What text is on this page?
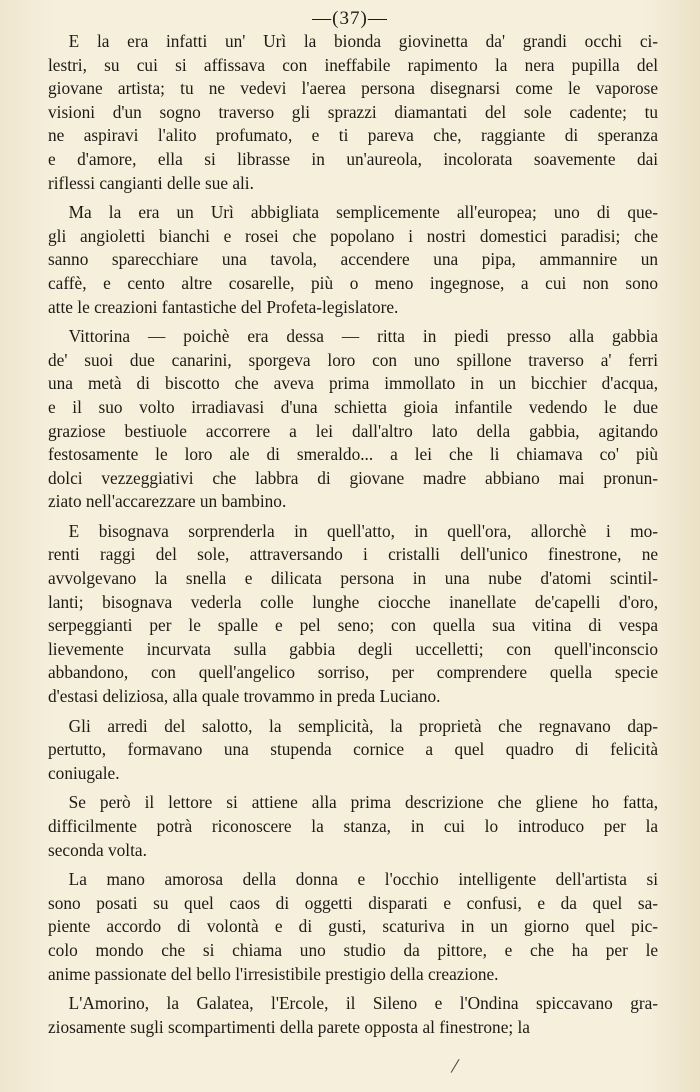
—(37)—
E la era infatti un' Urì la bionda giovinetta da' grandi occhi ci-
lestri, su cui si affissava con ineffabile rapimento la nera pupilla del
giovane artista; tu ne vedevi l'aerea persona disegnarsi come le vaporose
visioni d'un sogno traverso gli sprazzi diamantati del sole cadente; tu
ne aspiravi l'alito profumato, e ti pareva che, raggiante di speranza
e d'amore, ella si librasse in un'aureola, incolorata soavemente dai
riflessi cangianti delle sue ali.
Ma la era un Urì abbigliata semplicemente all'europea; uno di que-
gli angioletti bianchi e rosei che popolano i nostri domestici paradisi; che
sanno sparecchiare una tavola, accendere una pipa, ammannire un
caffè, e cento altre cosarelle, più o meno ingegnose, a cui non sono
atte le creazioni fantastiche del Profeta-legislatore.
Vittorina — poichè era dessa — ritta in piedi presso alla gabbia
de' suoi due canarini, sporgeva loro con uno spillone traverso a' ferri
una metà di biscotto che aveva prima immollato in un bicchier d'acqua,
e il suo volto irradiavasi d'una schietta gioia infantile vedendo le due
graziose bestiuole accorrere a lei dall'altro lato della gabbia, agitando
festosamente le loro ale di smeraldo... a lei che li chiamava co' più
dolci vezzeggiativi che labbra di giovane madre abbiano mai pronun-
ziato nell'accarezzare un bambino.
E bisognava sorprenderla in quell'atto, in quell'ora, allorchè i mo-
renti raggi del sole, attraversando i cristalli dell'unico finestrone, ne
avvolgevano la snella e dilicata persona in una nube d'atomi scintil-
lanti; bisognava vederla colle lunghe ciocche inanellate de'capelli d'oro,
serpeggianti per le spalle e pel seno; con quella sua vitina di vespa
lievemente incurvata sulla gabbia degli uccelletti; con quell'inconscio
abbandono, con quell'angelico sorriso, per comprendere quella specie
d'estasi deliziosa, alla quale trovammo in preda Luciano.
Gli arredi del salotto, la semplicità, la proprietà che regnavano dap-
pertutto, formavano una stupenda cornice a quel quadro di felicità
coniugale.
Se però il lettore si attiene alla prima descrizione che gliene ho fatta,
difficilmente potrà riconoscere la stanza, in cui lo introduco per la
seconda volta.
La mano amorosa della donna e l'occhio intelligente dell'artista si
sono posati su quel caos di oggetti disparati e confusi, e da quel sa-
piente accordo di volontà e di gusti, scaturiva in un giorno quel pic-
colo mondo che si chiama uno studio da pittore, e che ha per le
anime passionate del bello l'irresistibile prestigio della creazione.
L'Amorino, la Galatea, l'Ercole, il Sileno e l'Ondina spiccavano gra-
ziosamente sugli scompartimenti della parete opposta al finestrone; la
/
